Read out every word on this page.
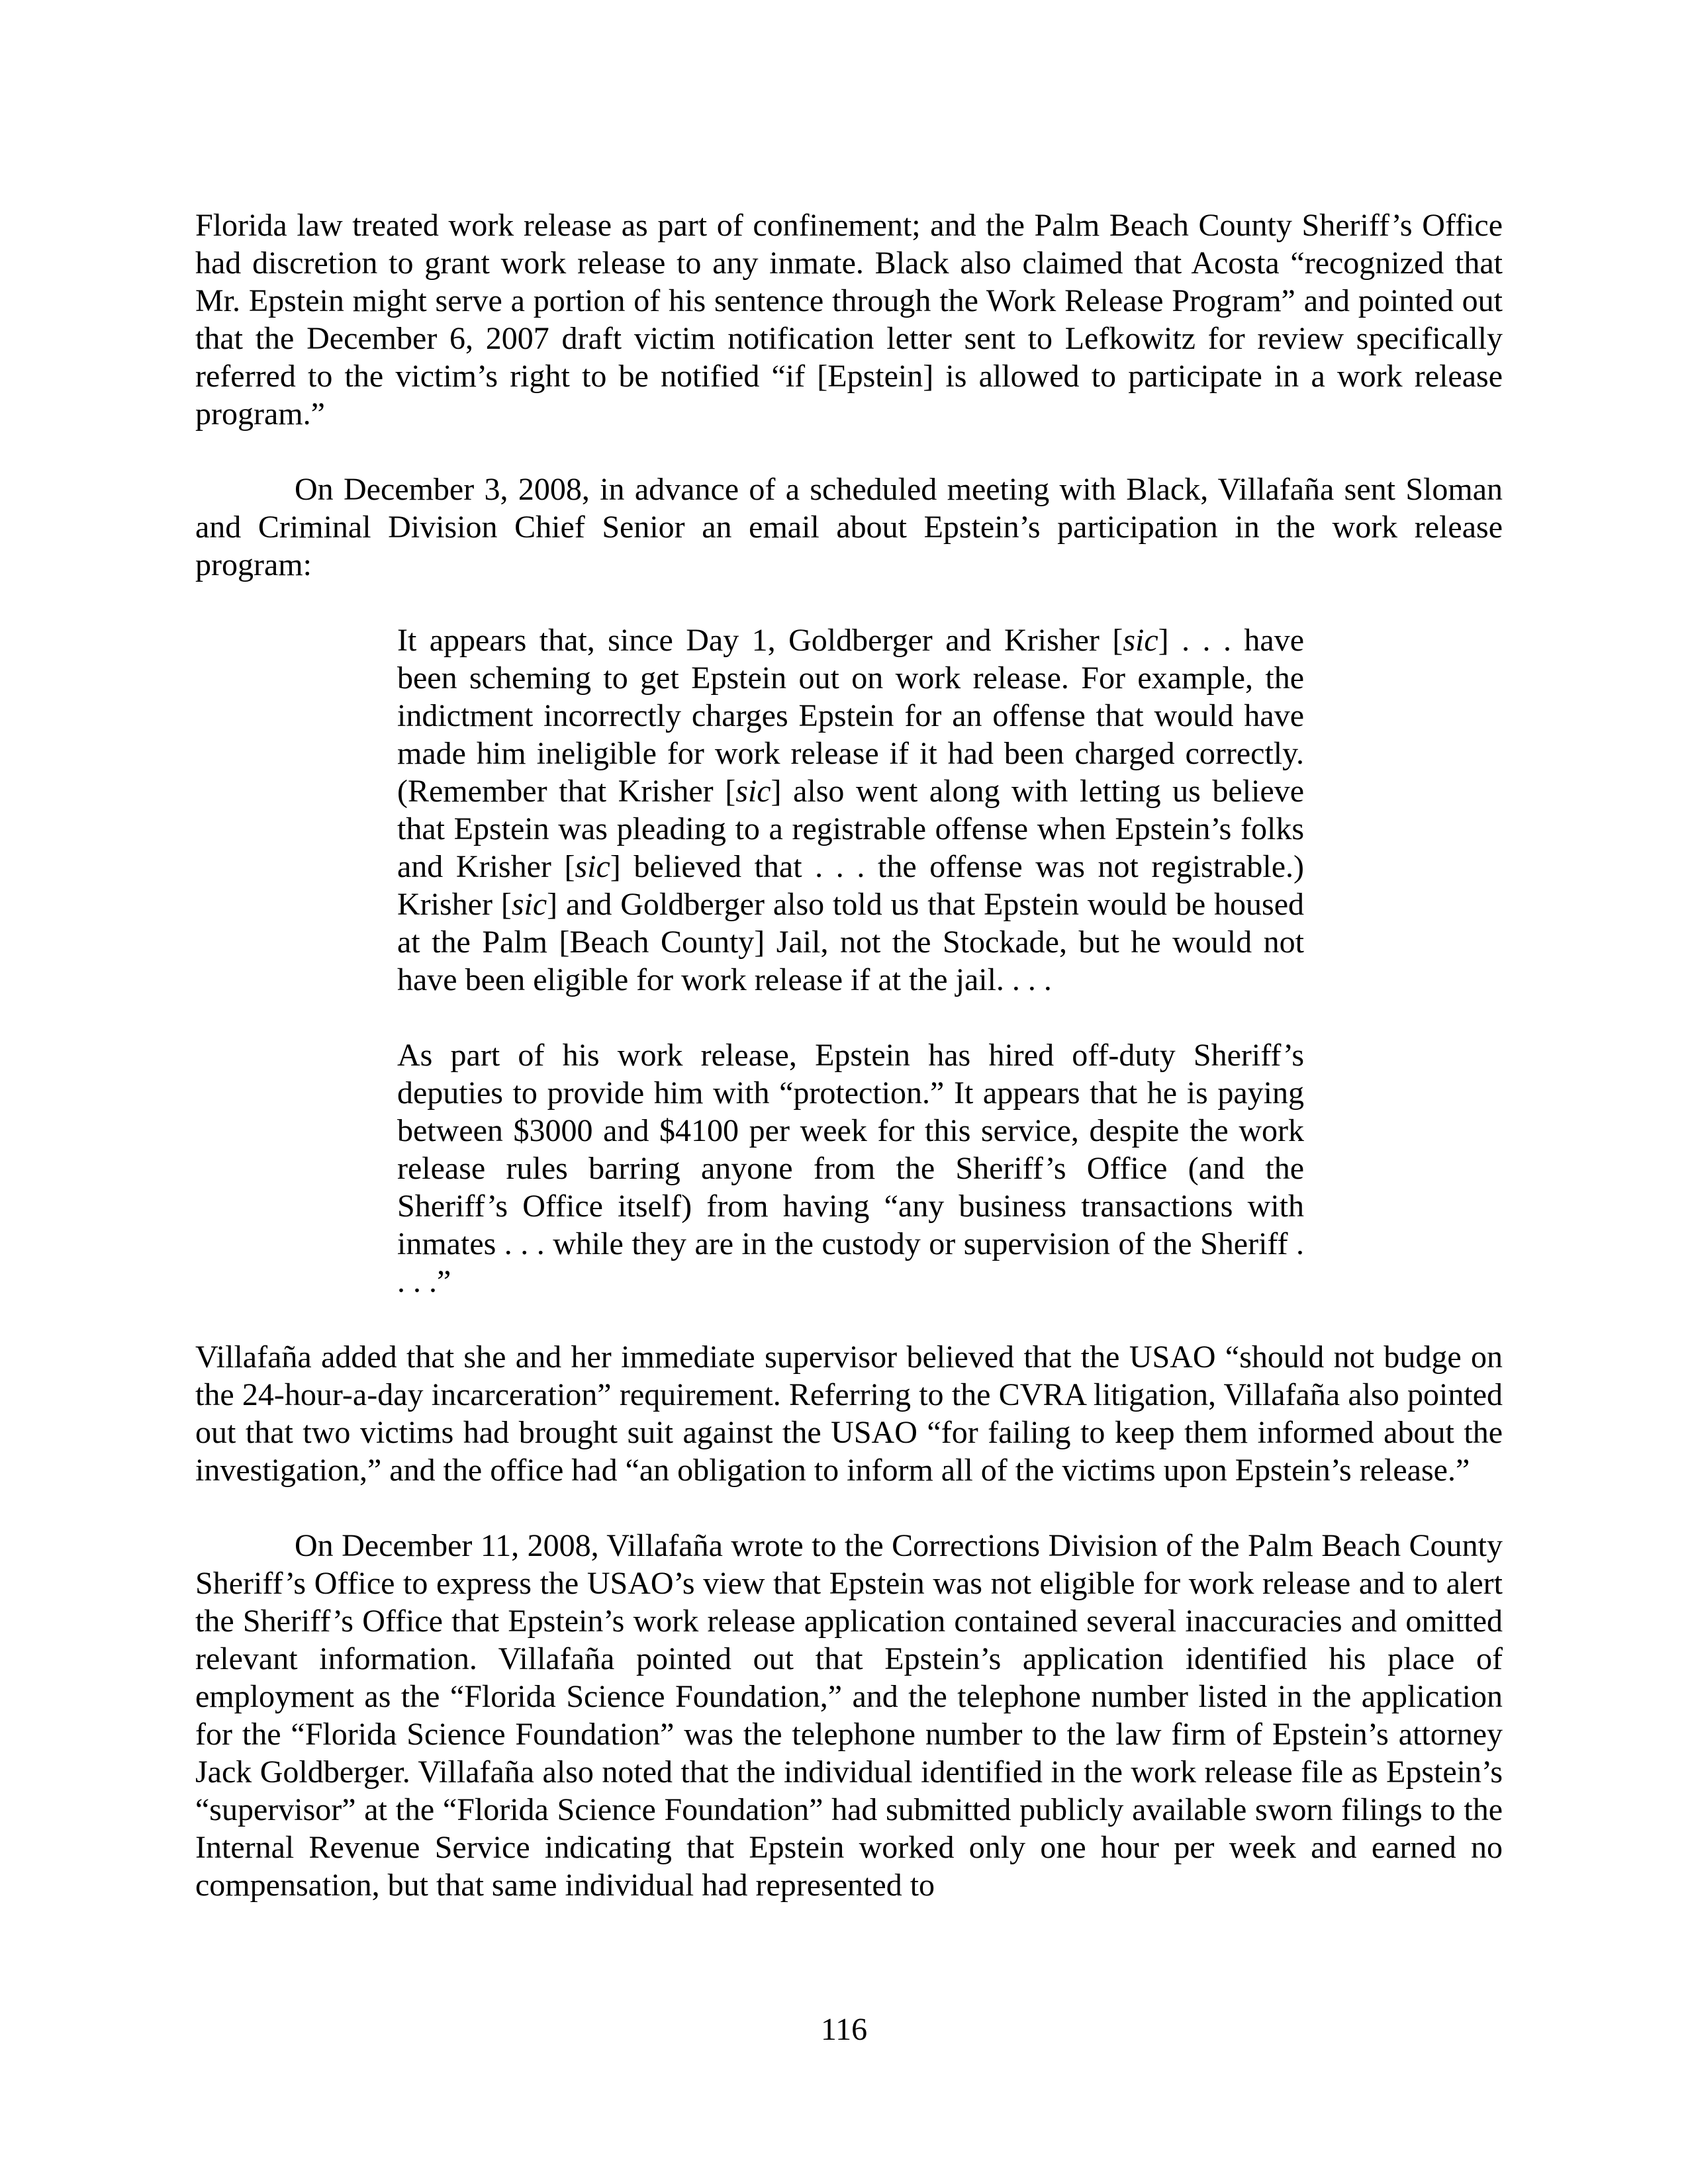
Florida law treated work release as part of confinement; and the Palm Beach County Sheriff’s Office had discretion to grant work release to any inmate. Black also claimed that Acosta “recognized that Mr. Epstein might serve a portion of his sentence through the Work Release Program” and pointed out that the December 6, 2007 draft victim notification letter sent to Lefkowitz for review specifically referred to the victim’s right to be notified “if [Epstein] is allowed to participate in a work release program.”

On December 3, 2008, in advance of a scheduled meeting with Black, Villafaña sent Sloman and Criminal Division Chief Senior an email about Epstein’s participation in the work release program:

It appears that, since Day 1, Goldberger and Krisher [sic] . . . have been scheming to get Epstein out on work release. For example, the indictment incorrectly charges Epstein for an offense that would have made him ineligible for work release if it had been charged correctly. (Remember that Krisher [sic] also went along with letting us believe that Epstein was pleading to a registrable offense when Epstein’s folks and Krisher [sic] believed that . . . the offense was not registrable.) Krisher [sic] and Goldberger also told us that Epstein would be housed at the Palm [Beach County] Jail, not the Stockade, but he would not have been eligible for work release if at the jail. . . .
As part of his work release, Epstein has hired off-duty Sheriff’s deputies to provide him with “protection.” It appears that he is paying between $3000 and $4100 per week for this service, despite the work release rules barring anyone from the Sheriff’s Office (and the Sheriff’s Office itself) from having “any business transactions with inmates . . . while they are in the custody or supervision of the Sheriff . . . .”

Villafaña added that she and her immediate supervisor believed that the USAO “should not budge on the 24-hour-a-day incarceration” requirement. Referring to the CVRA litigation, Villafaña also pointed out that two victims had brought suit against the USAO “for failing to keep them informed about the investigation,” and the office had “an obligation to inform all of the victims upon Epstein’s release.”

On December 11, 2008, Villafaña wrote to the Corrections Division of the Palm Beach County Sheriff’s Office to express the USAO’s view that Epstein was not eligible for work release and to alert the Sheriff’s Office that Epstein’s work release application contained several inaccuracies and omitted relevant information. Villafaña pointed out that Epstein’s application identified his place of employment as the “Florida Science Foundation,” and the telephone number listed in the application for the “Florida Science Foundation” was the telephone number to the law firm of Epstein’s attorney Jack Goldberger. Villafaña also noted that the individual identified in the work release file as Epstein’s “supervisor” at the “Florida Science Foundation” had submitted publicly available sworn filings to the Internal Revenue Service indicating that Epstein worked only one hour per week and earned no compensation, but that same individual had represented to

116
